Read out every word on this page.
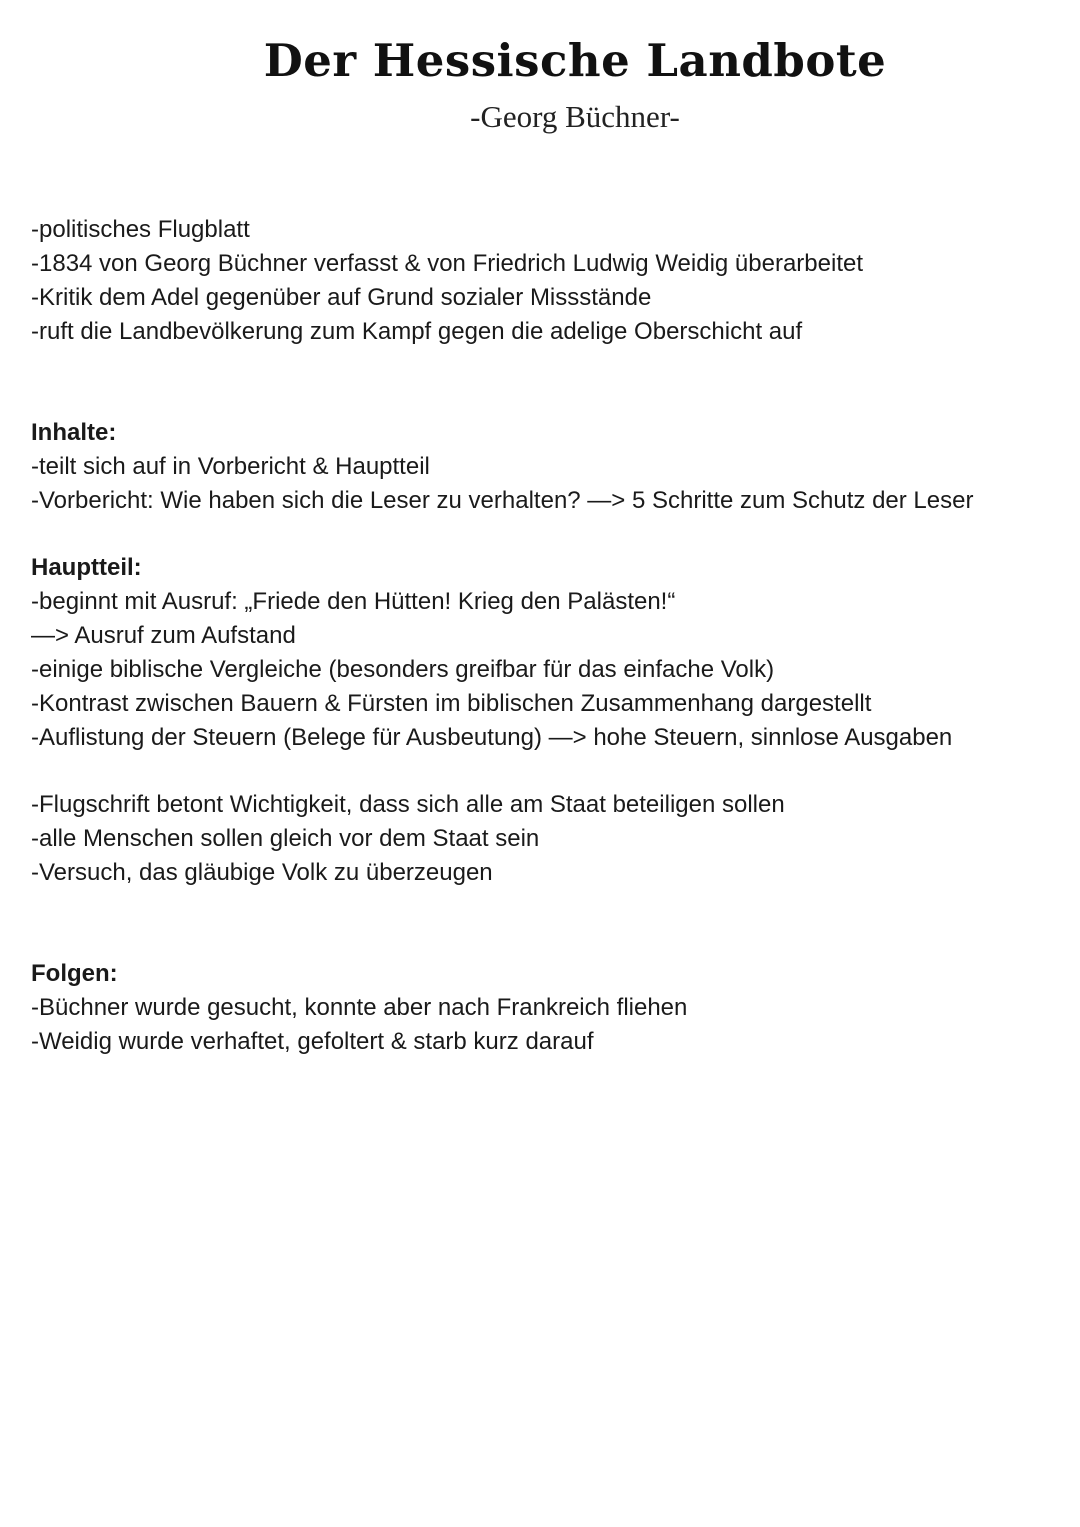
Der Hessische Landbote
-Georg Büchner-
-politisches Flugblatt
-1834 von Georg Büchner verfasst & von Friedrich Ludwig Weidig überarbeitet
-Kritik dem Adel gegenüber auf Grund sozialer Missstände
-ruft die Landbevölkerung zum Kampf gegen die adelige Oberschicht auf
Inhalte:
-teilt sich auf in Vorbericht & Hauptteil
-Vorbericht: Wie haben sich die Leser zu verhalten? —> 5 Schritte zum Schutz der Leser
Hauptteil:
-beginnt mit Ausruf: „Friede den Hütten! Krieg den Palästen!“
—> Ausruf zum Aufstand
-einige biblische Vergleiche (besonders greifbar für das einfache Volk)
-Kontrast zwischen Bauern & Fürsten im biblischen Zusammenhang dargestellt
-Auflistung der Steuern (Belege für Ausbeutung) —> hohe Steuern, sinnlose Ausgaben
-Flugschrift betont Wichtigkeit, dass sich alle am Staat beteiligen sollen
-alle Menschen sollen gleich vor dem Staat sein
-Versuch, das gläubige Volk zu überzeugen
Folgen:
-Büchner wurde gesucht, konnte aber nach Frankreich fliehen
-Weidig wurde verhaftet, gefoltert & starb kurz darauf
